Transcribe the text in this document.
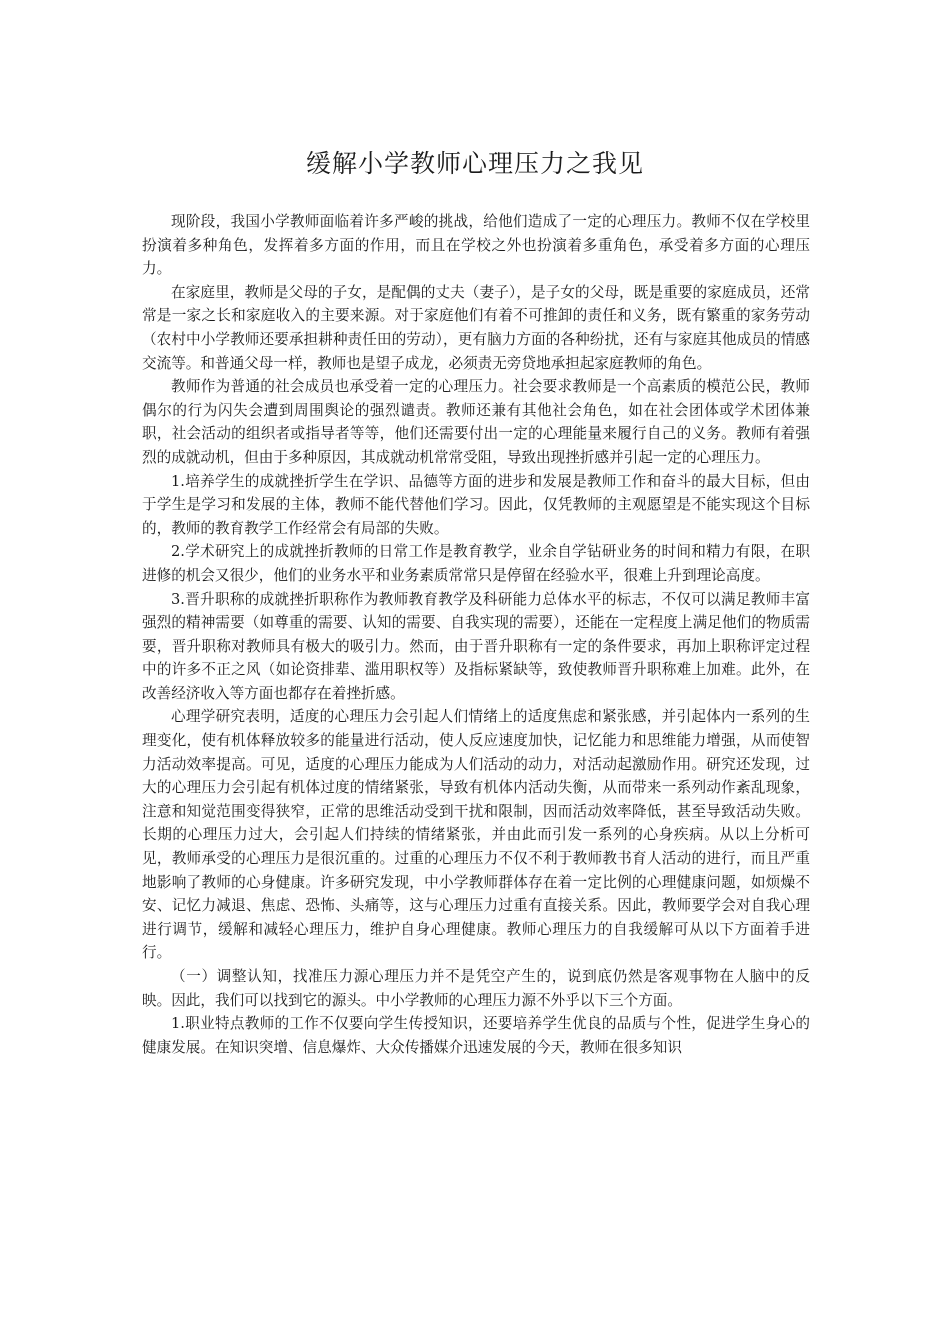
缓解小学教师心理压力之我见

现阶段，我国小学教师面临着许多严峻的挑战，给他们造成了一定的心理压力。教师不仅在学校里扮演着多种角色，发挥着多方面的作用，而且在学校之外也扮演着多重角色，承受着多方面的心理压力。

在家庭里，教师是父母的子女，是配偶的丈夫（妻子），是子女的父母，既是重要的家庭成员，还常常是一家之长和家庭收入的主要来源。对于家庭他们有着不可推卸的责任和义务，既有繁重的家务劳动（农村中小学教师还要承担耕种责任田的劳动），更有脑力方面的各种纷扰，还有与家庭其他成员的情感交流等。和普通父母一样，教师也是望子成龙，必须责无旁贷地承担起家庭教师的角色。

教师作为普通的社会成员也承受着一定的心理压力。社会要求教师是一个高素质的模范公民，教师偶尔的行为闪失会遭到周围舆论的强烈谴责。教师还兼有其他社会角色，如在社会团体或学术团体兼职，社会活动的组织者或指导者等等，他们还需要付出一定的心理能量来履行自己的义务。教师有着强烈的成就动机，但由于多种原因，其成就动机常常受阻，导致出现挫折感并引起一定的心理压力。

1.培养学生的成就挫折学生在学识、品德等方面的进步和发展是教师工作和奋斗的最大目标，但由于学生是学习和发展的主体，教师不能代替他们学习。因此，仅凭教师的主观愿望是不能实现这个目标的，教师的教育教学工作经常会有局部的失败。

2.学术研究上的成就挫折教师的日常工作是教育教学，业余自学钻研业务的时间和精力有限，在职进修的机会又很少，他们的业务水平和业务素质常常只是停留在经验水平，很难上升到理论高度。

3.晋升职称的成就挫折职称作为教师教育教学及科研能力总体水平的标志，不仅可以满足教师丰富强烈的精神需要（如尊重的需要、认知的需要、自我实现的需要），还能在一定程度上满足他们的物质需要，晋升职称对教师具有极大的吸引力。然而，由于晋升职称有一定的条件要求，再加上职称评定过程中的许多不正之风（如论资排辈、滥用职权等）及指标紧缺等，致使教师晋升职称难上加难。此外，在改善经济收入等方面也都存在着挫折感。

心理学研究表明，适度的心理压力会引起人们情绪上的适度焦虑和紧张感，并引起体内一系列的生理变化，使有机体释放较多的能量进行活动，使人反应速度加快，记忆能力和思维能力增强，从而使智力活动效率提高。可见，适度的心理压力能成为人们活动的动力，对活动起激励作用。研究还发现，过大的心理压力会引起有机体过度的情绪紧张，导致有机体内活动失衡，从而带来一系列动作紊乱现象，注意和知觉范围变得狭窄，正常的思维活动受到干扰和限制，因而活动效率降低，甚至导致活动失败。长期的心理压力过大，会引起人们持续的情绪紧张，并由此而引发一系列的心身疾病。从以上分析可见，教师承受的心理压力是很沉重的。过重的心理压力不仅不利于教师教书育人活动的进行，而且严重地影响了教师的心身健康。许多研究发现，中小学教师群体存在着一定比例的心理健康问题，如烦燥不安、记忆力减退、焦虑、恐怖、头痛等，这与心理压力过重有直接关系。因此，教师要学会对自我心理进行调节，缓解和减轻心理压力，维护自身心理健康。教师心理压力的自我缓解可从以下方面着手进行。

（一）调整认知，找准压力源心理压力并不是凭空产生的，说到底仍然是客观事物在人脑中的反映。因此，我们可以找到它的源头。中小学教师的心理压力源不外乎以下三个方面。

1.职业特点教师的工作不仅要向学生传授知识，还要培养学生优良的品质与个性，促进学生身心的健康发展。在知识突增、信息爆炸、大众传播媒介迅速发展的今天，教师在很多知识
